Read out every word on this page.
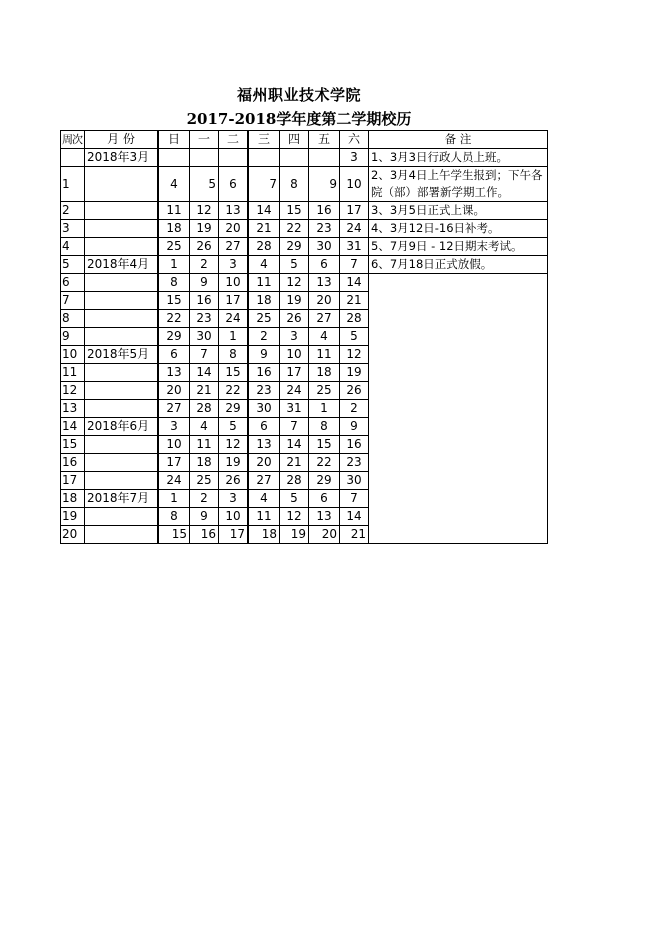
福州职业技术学院
2017-2018学年度第二学期校历
周次	月 份	日	一	二	三	四	五	六	备 注
	2018年3月							3	1、3月3日行政人员上班。
1		4	5	6	7	8	9	10	2、3月4日上午学生报到；下午各院（部）部署新学期工作。
2		11	12	13	14	15	16	17	3、3月5日正式上课。
3		18	19	20	21	22	23	24	4、3月12日-16日补考。
4		25	26	27	28	29	30	31	5、7月9日 - 12日期末考试。
5	2018年4月	1	2	3	4	5	6	7	6、7月18日正式放假。
6		8	9	10	11	12	13	14	
7		15	16	17	18	19	20	21	
8		22	23	24	25	26	27	28	
9		29	30	1	2	3	4	5	
10	2018年5月	6	7	8	9	10	11	12	
11		13	14	15	16	17	18	19	
12		20	21	22	23	24	25	26	
13		27	28	29	30	31	1	2	
14	2018年6月	3	4	5	6	7	8	9	
15		10	11	12	13	14	15	16	
16		17	18	19	20	21	22	23	
17		24	25	26	27	28	29	30	
18	2018年7月	1	2	3	4	5	6	7	
19		8	9	10	11	12	13	14	
20		15	16	17	18	19	20	21	
